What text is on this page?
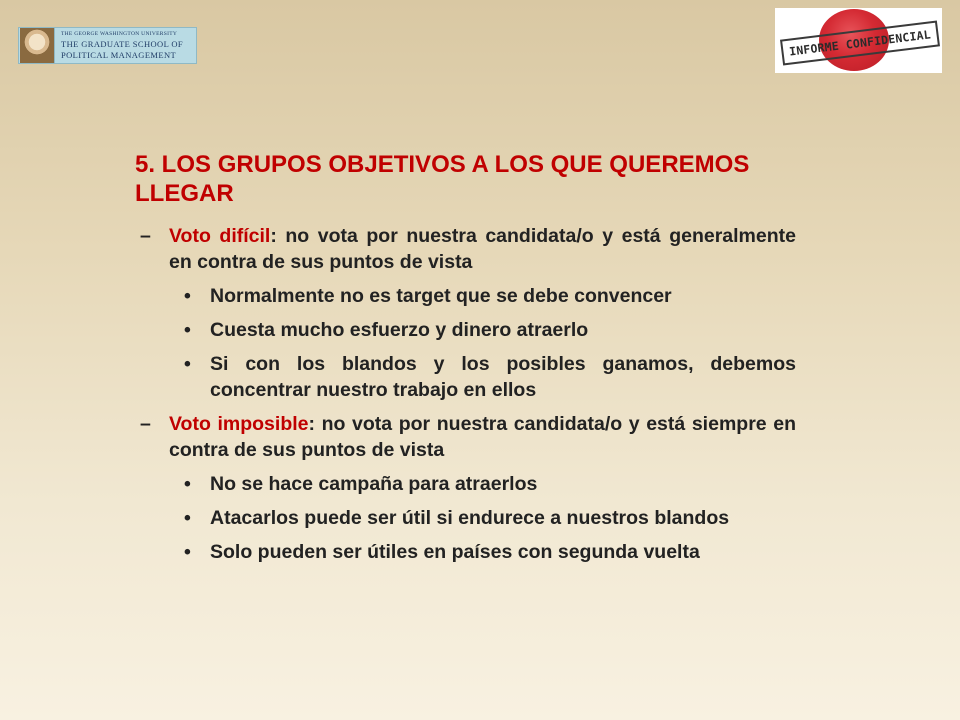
THE GEORGE WASHINGTON UNIVERSITY
THE GRADUATE SCHOOL OF
POLITICAL MANAGEMENT	INFORME CONFIDENCIAL
5. LOS GRUPOS OBJETIVOS A LOS QUE QUEREMOS LLEGAR
– Voto difícil: no vota por nuestra candidata/o y está generalmente en contra de sus puntos de vista
• Normalmente no es target que se debe convencer
• Cuesta mucho esfuerzo y dinero atraerlo
• Si con los blandos y los posibles ganamos, debemos concentrar nuestro trabajo en ellos
– Voto imposible: no vota por nuestra candidata/o y está siempre en contra de sus puntos de vista
• No se hace campaña para atraerlos
• Atacarlos puede ser útil si endurece a nuestros blandos
• Solo pueden ser útiles en países con segunda vuelta
